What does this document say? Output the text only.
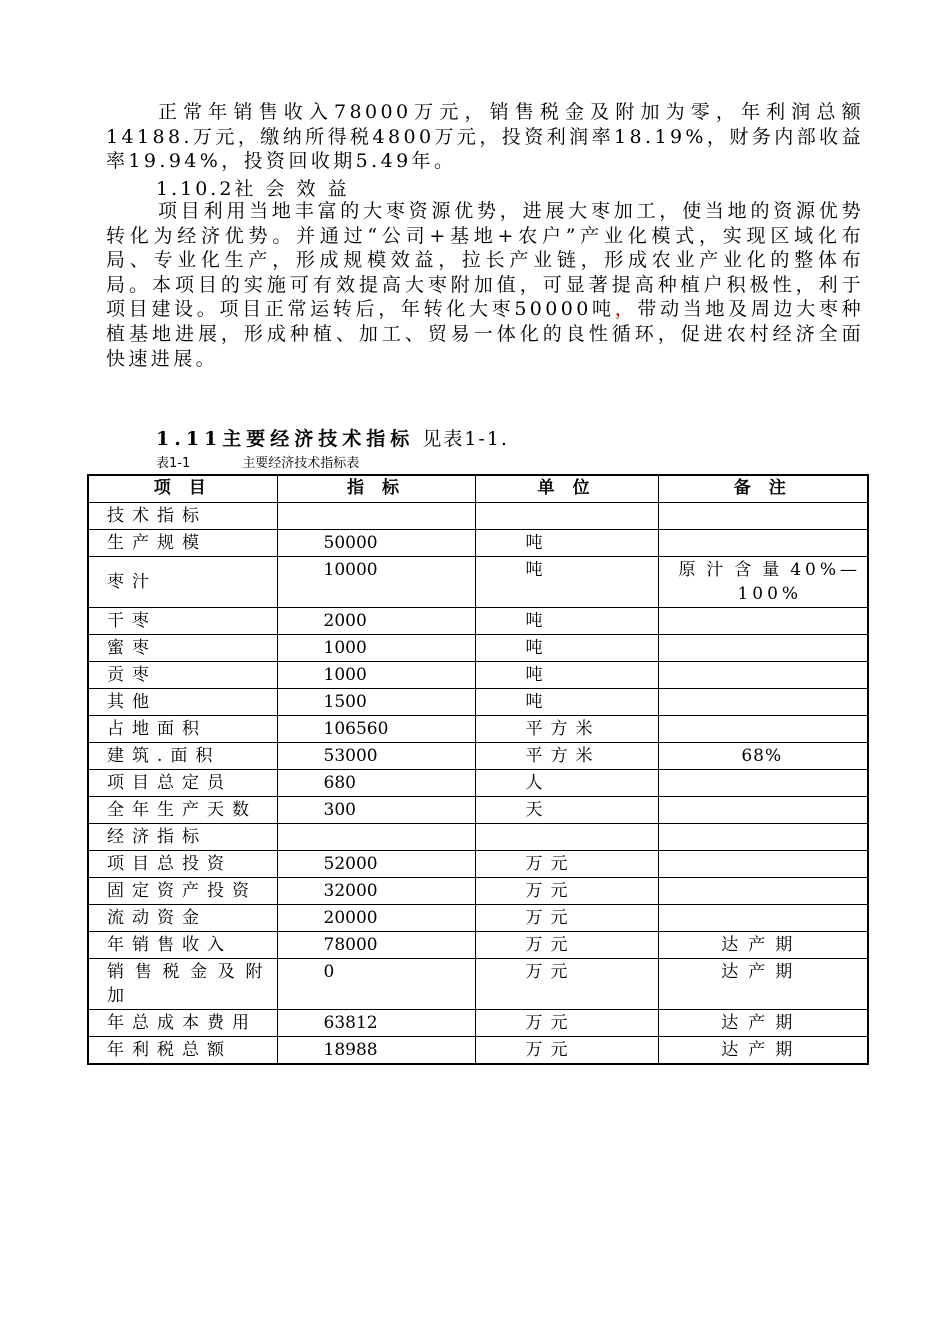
正常年销售收入78000万元，销售税金及附加为零，年利润总额14188.万元，缴纳所得税4800万元，投资利润率18.19%，财务内部收益率19.94%，投资回收期5.49年。

1.10.2社 会 效 益

项目利用当地丰富的大枣资源优势，进展大枣加工，使当地的资源优势转化为经济优势。并通过“公司+基地+农户”产业化模式，实现区域化布局、专业化生产，形成规模效益，拉长产业链，形成农业产业化的整体布局。本项目的实施可有效提高大枣附加值，可显著提高种植户积极性，利于项目建设。项目正常运转后，年转化大枣50000吨，带动当地及周边大枣种植基地进展，形成种植、加工、贸易一体化的良性循环，促进农村经济全面快速进展。

1.11主要经济技术指标 见表1-1.

表1-1	主要经济技术指标表

项 目	指 标	单 位	备 注
技术指标			
生产规模	50000	吨	
枣汁	10000	吨	原汁含量40%—100%
干枣	2000	吨	
蜜枣	1000	吨	
贡枣	1000	吨	
其他	1500	吨	
占地面积	106560	平方米	
建筑.面积	53000	平方米	68%
项目总定员	680	人	
全年生产天数	300	天	
经济指标			
项目总投资	52000	万元	
固定资产投资	32000	万元	
流动资金	20000	万元	
年销售收入	78000	万元	达产期
销售税金及附加	0	万元	达产期
年总成本费用	63812	万元	达产期
年利税总额	18988	万元	达产期
